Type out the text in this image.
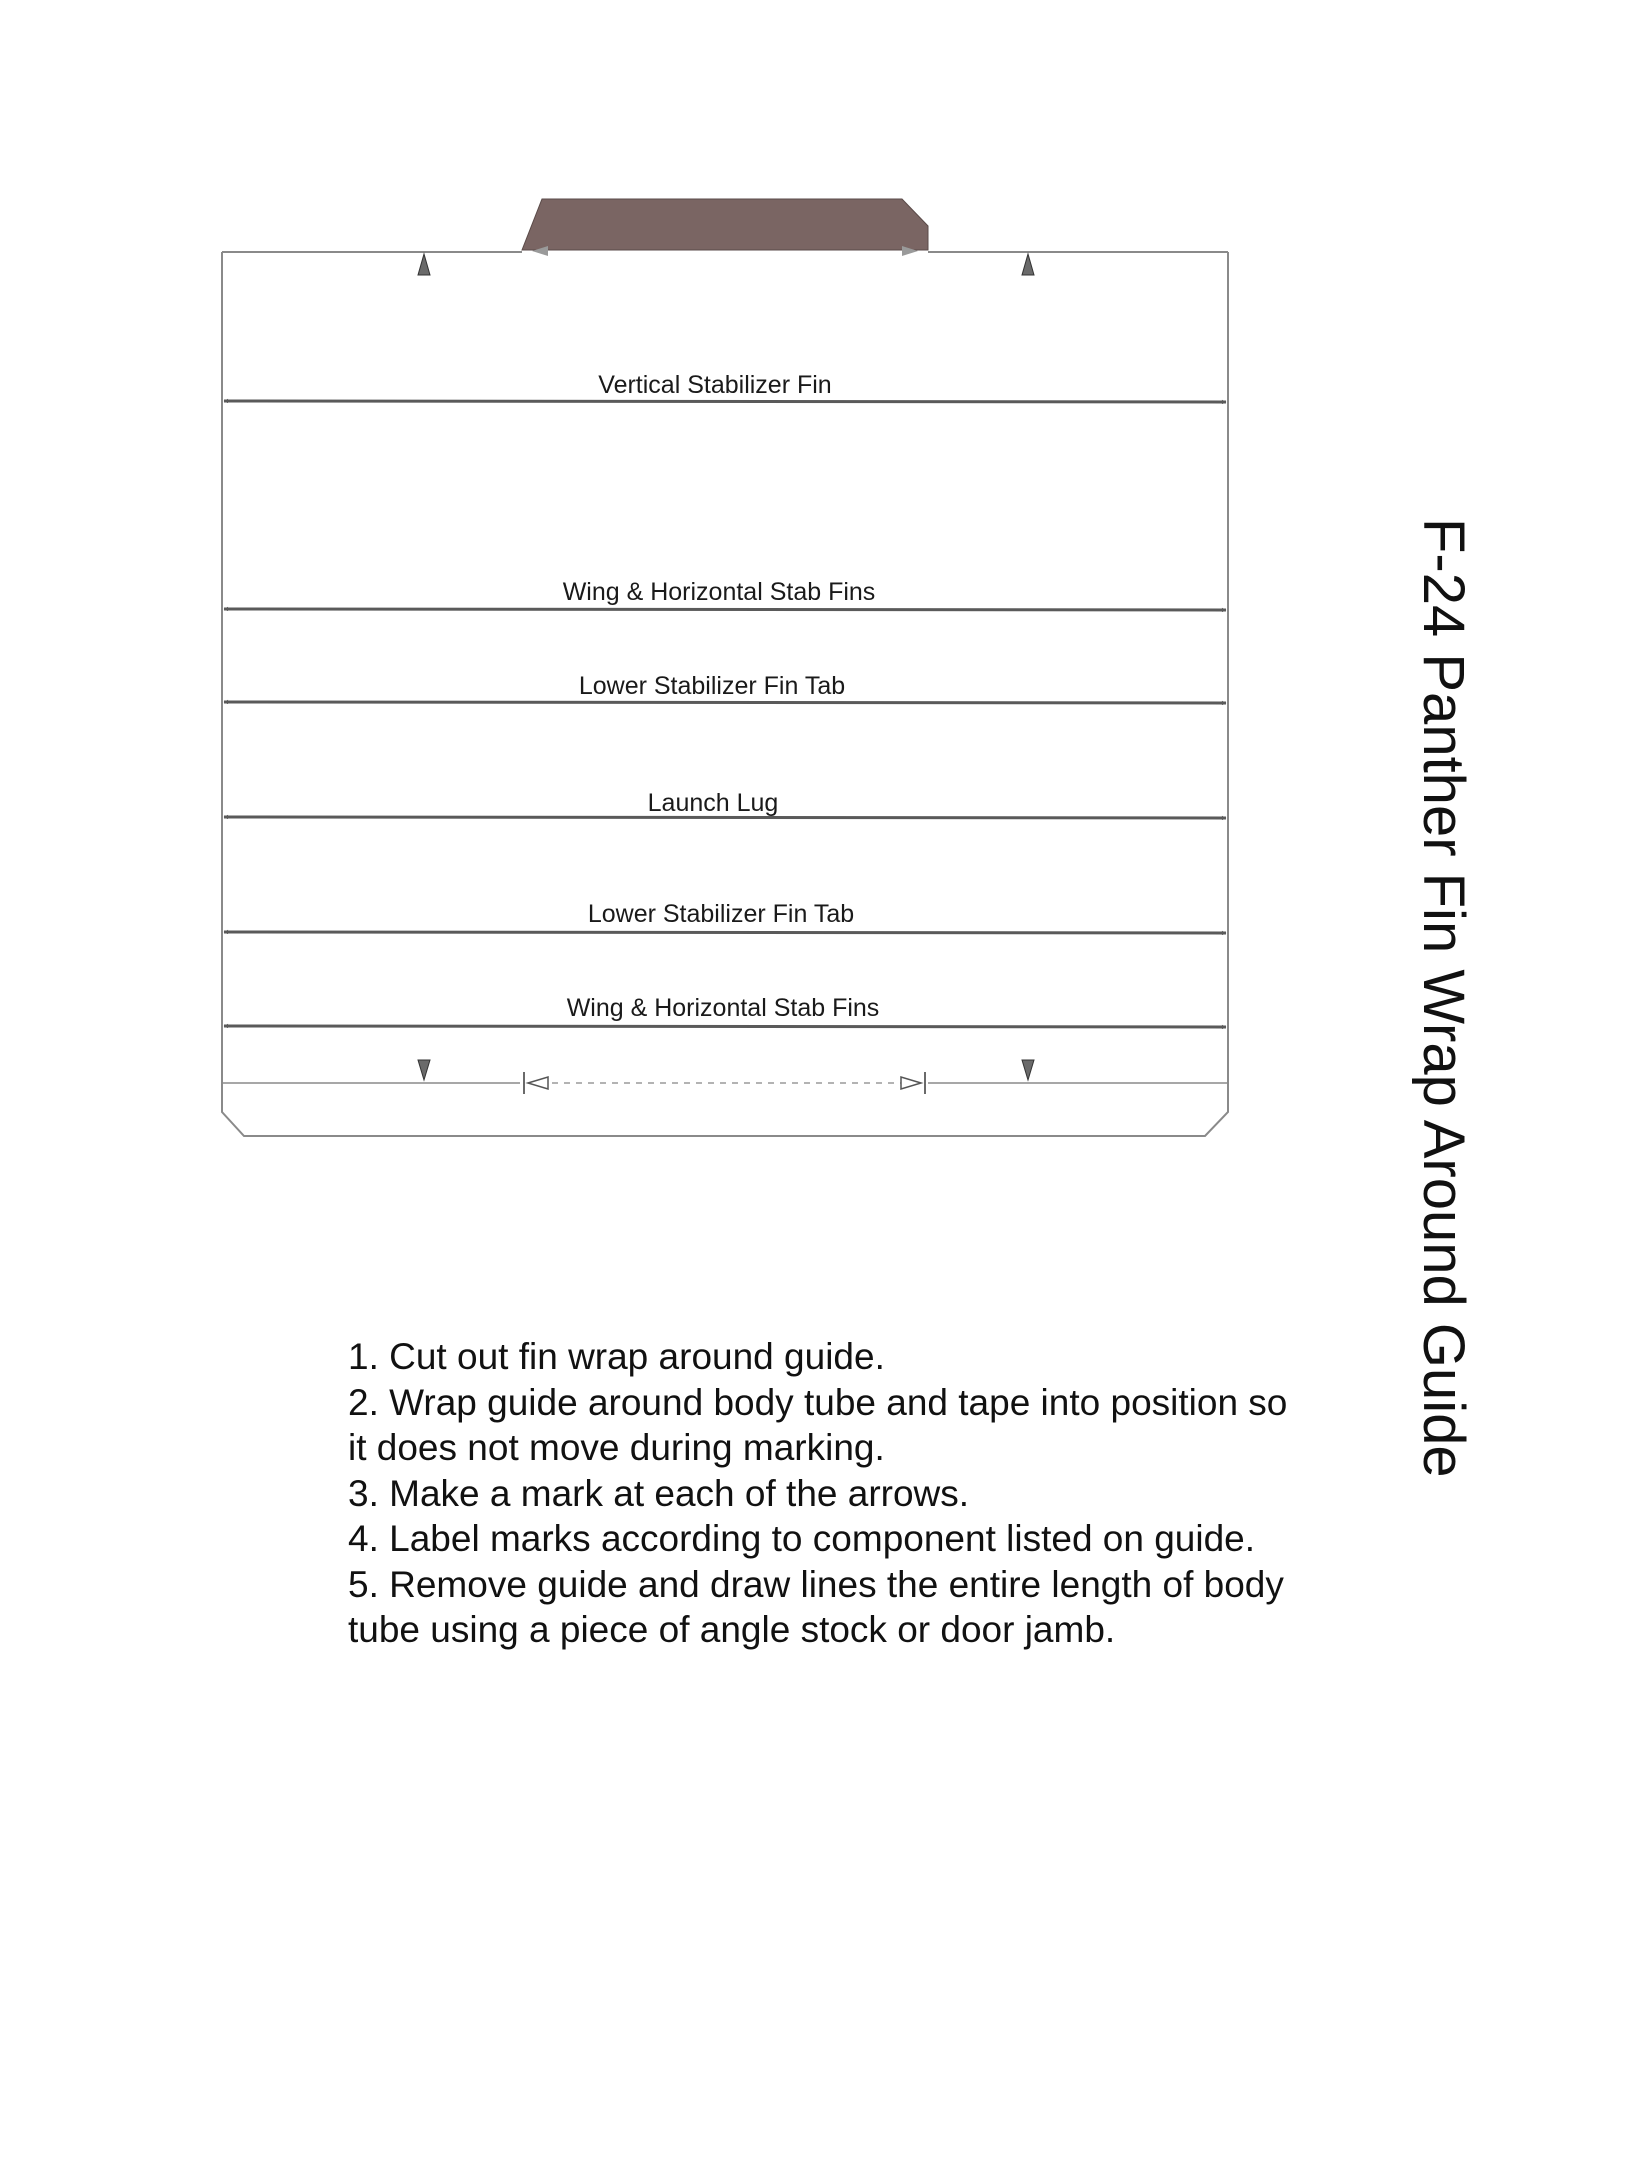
Vertical Stabilizer Fin
Wing & Horizontal Stab Fins
Lower Stabilizer Fin Tab
Launch Lug
Lower Stabilizer Fin Tab
Wing & Horizontal Stab Fins

1. Cut out fin wrap around guide.

2. Wrap guide around body tube and tape into position so it does not move during marking.

3. Make a mark at each of the arrows.

4. Label marks according to component listed on guide.

5. Remove guide and draw lines the entire length of body tube using a piece of angle stock or door jamb.

F-24 Panther Fin Wrap Around Guide
